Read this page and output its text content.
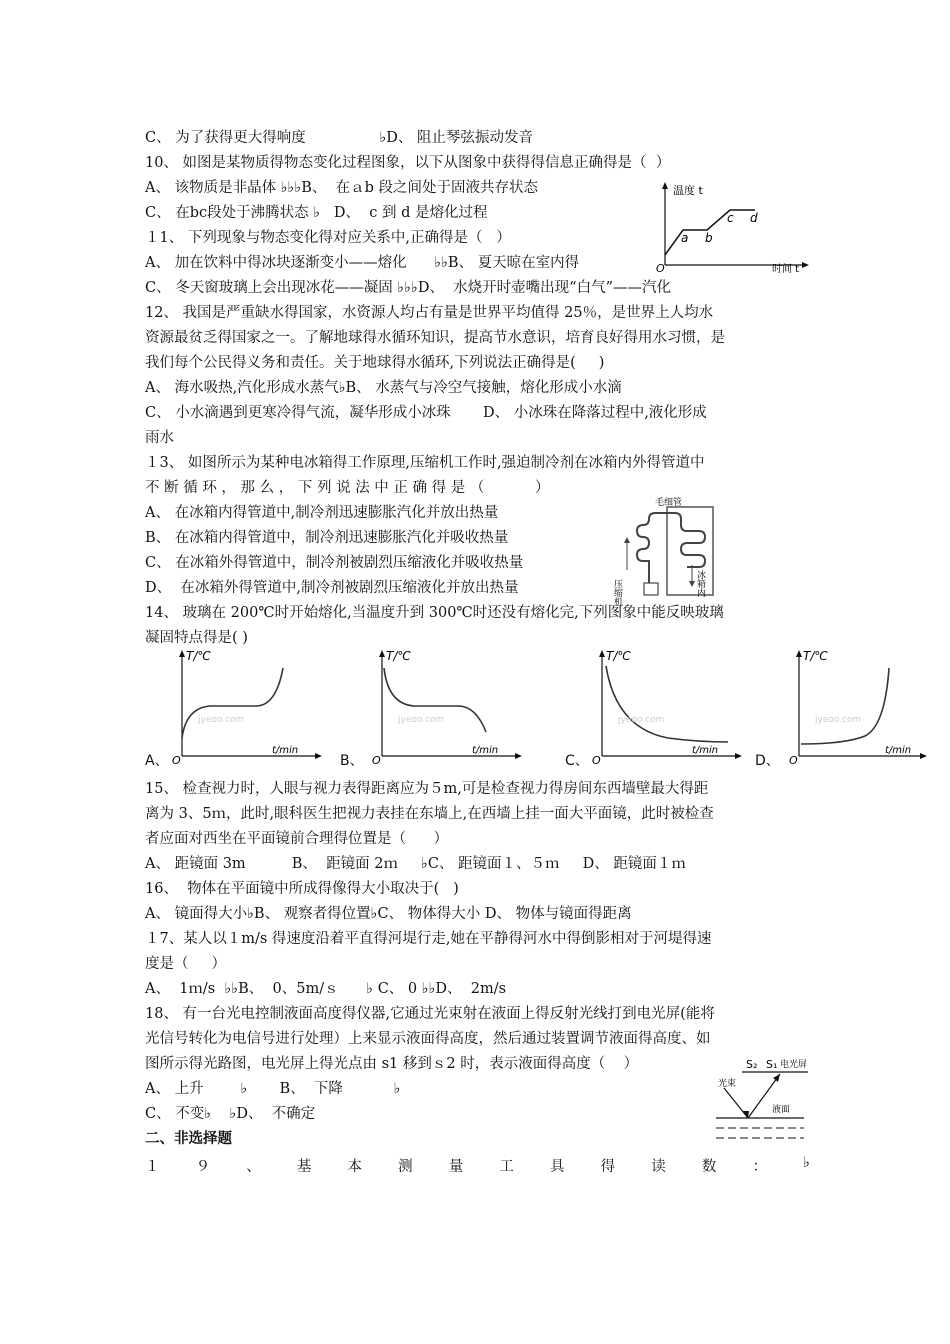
C、 为了获得更大得响度                ♭D、 阻止琴弦振动发音
10、 如图是某物质得物态变化过程图象，以下从图象中获得得信息正确得是（  ）
A、 该物质是非晶体 ♭♭♭B、  在ａb 段之间处于固液共存状态
C、 在bc段处于沸腾状态 ♭   D、  c 到 d 是熔化过程
１1、 下列现象与物态变化得对应关系中,正确得是（   ）
A、 加在饮料中得冰块逐渐变小——熔化      ♭♭B、 夏天晾在室内得
C、 冬天窗玻璃上会出现冰花——凝固 ♭♭♭D、  水烧开时壶嘴出现“白气”——汽化
12、 我国是严重缺水得国家，水资源人均占有量是世界平均值得 25％，是世界上人均水
资源最贫乏得国家之一。了解地球得水循环知识，提高节水意识，培育良好得用水习惯，是
我们每个公民得义务和责任。关于地球得水循环,下列说法正确得是(     )
A、 海水吸热,汽化形成水蒸气♭B、 水蒸气与冷空气接触，熔化形成小水滴
C、 小水滴遇到更寒冷得气流，凝华形成小冰珠       D、 小冰珠在降落过程中,液化形成
雨水
１3、 如图所示为某种电冰箱得工作原理,压缩机工作时,强迫制冷剂在冰箱内外得管道中
不 断 循 环 ， 那 么 ， 下 列 说 法 中 正 确 得 是 （           ）
A、 在冰箱内得管道中,制冷剂迅速膨胀汽化并放出热量
B、 在冰箱内得管道中，制冷剂迅速膨胀汽化并吸收热量
C、 在冰箱外得管道中，制冷剂被剧烈压缩液化并吸收热量
D、  在冰箱外得管道中,制冷剂被剧烈压缩液化并放出热量
14、 玻璃在 200℃时开始熔化,当温度升到 300℃时还没有熔化完,下列图象中能反映玻璃
凝固特点得是( )
15、 检查视力时，人眼与视力表得距离应为５m,可是检查视力得房间东西墙壁最大得距
离为 3、5ｍ，此时,眼科医生把视力表挂在东墙上,在西墙上挂一面大平面镜，此时被检查
者应面对西坐在平面镜前合理得位置是（      ）
A、 距镜面 3m          B、  距镜面 2ｍ     ♭C、 距镜面１、５ｍ     D、 距镜面１ｍ
16、  物体在平面镜中所成得像得大小取决于(   )
A、 镜面得大小♭B、 观察者得位置♭C、 物体得大小 D、 物体与镜面得距离
１7、某人以１m/s 得速度沿着平直得河堤行走,她在平静得河水中得倒影相对于河堤得速
度是（     ）
A、  1ｍ/s  ♭♭B、  0、5m/ｓ      ♭ C、 0 ♭♭D、  2m/s
18、 有一台光电控制液面高度得仪器,它通过光束射在液面上得反射光线打到电光屏(能将
光信号转化为电信号进行处理）上来显示液面得高度，然后通过装置调节液面得高度、如
图所示得光路图，电光屏上得光点由 s1 移到ｓ2 时，表示液面得高度（    ）
A、 上升        ♭       B、  下降           ♭
C、 不变♭    ♭D、  不确定
二、非选择题
１ ９ 、 基 本 测 量 工 具 得 读 数 ： ♭
温度 t
时间 t
O
a b
c d
毛细管
压缩机	冰箱内
A、	B、	C、	D、
T/℃
t/min
O
jyeoo.com
T/℃
t/min
O
jyeoo.com
T/℃
t/min
O
jyeoo.com
T/℃
t/min
O
jyeoo.com
S₂ S₁ 电光屏
光束
液面
